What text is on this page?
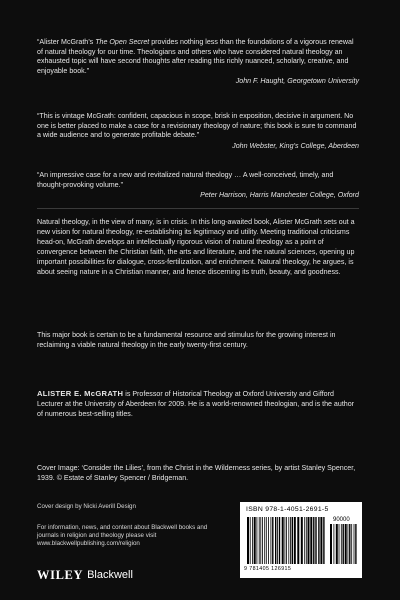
“Alister McGrath’s The Open Secret provides nothing less than the foundations of a vigorous renewal of natural theology for our time. Theologians and others who have considered natural theology an exhausted topic will have second thoughts after reading this richly nuanced, scholarly, creative, and enjoyable book.”
John F. Haught, Georgetown University
“This is vintage McGrath: confident, capacious in scope, brisk in exposition, decisive in argument. No one is better placed to make a case for a revisionary theology of nature; this book is sure to command a wide audience and to generate profitable debate.”
John Webster, King’s College, Aberdeen
“An impressive case for a new and revitalized natural theology … A well-conceived, timely, and thought-provoking volume.”
Peter Harrison, Harris Manchester College, Oxford
Natural theology, in the view of many, is in crisis. In this long-awaited book, Alister McGrath sets out a new vision for natural theology, re-establishing its legitimacy and utility. Meeting traditional criticisms head-on, McGrath develops an intellectually rigorous vision of natural theology as a point of convergence between the Christian faith, the arts and literature, and the natural sciences, opening up important possibilities for dialogue, cross-fertilization, and enrichment. Natural theology, he argues, is about seeing nature in a Christian manner, and hence discerning its truth, beauty, and goodness.
This major book is certain to be a fundamental resource and stimulus for the growing interest in reclaiming a viable natural theology in the early twenty-first century.
ALISTER E. McGRATH is Professor of Historical Theology at Oxford University and Gifford Lecturer at the University of Aberdeen for 2009. He is a world-renowned theologian, and is the author of numerous best-selling titles.
Cover Image: ‘Consider the Lilies’, from the Christ in the Wilderness series, by artist Stanley Spencer, 1939. © Estate of Stanley Spencer / Bridgeman.
Cover design by Nicki Averill Design
For information, news, and content about Blackwell books and journals in religion and theology please visit www.blackwellpublishing.com/religion
WILEY Blackwell
ISBN 978-1-4051-2691-5
90000
9 781405 126915
